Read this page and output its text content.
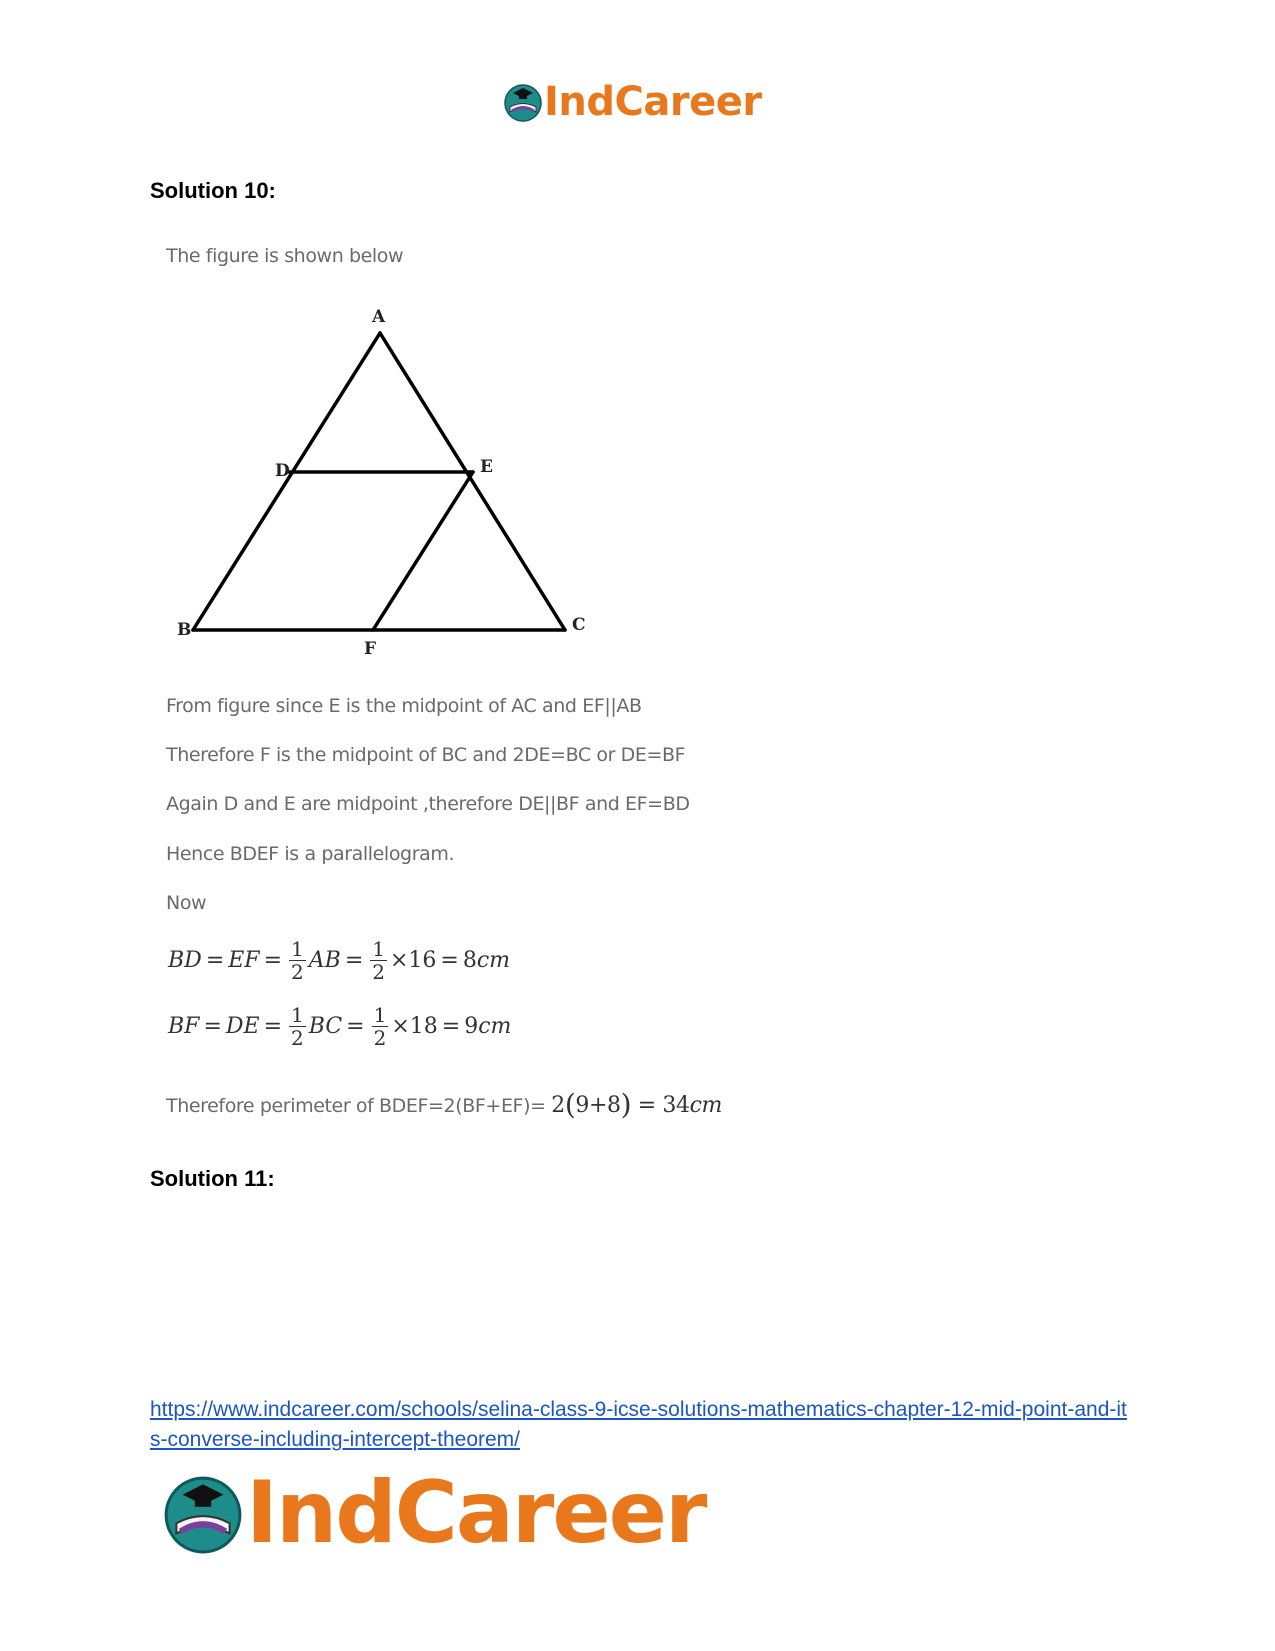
IndCareer
Solution 10:
The figure is shown below
A
D	E
B	C
F
From figure since E is the midpoint of AC and EF||AB
Therefore F is the midpoint of BC and 2DE=BC or DE=BF
Again D and E are midpoint ,therefore DE||BF and EF=BD
Hence BDEF is a parallelogram.
Now
BD = EF = $\frac{1}{2}$ AB = $\frac{1}{2} \times 16 = 8$ cm
BF = DE = $\frac{1}{2}$ BC = $\frac{1}{2} \times 18 = 9$ cm
Therefore perimeter of BDEF=2(BF+EF)= 2(9+8) = 34cm
Solution 11:
https://www.indcareer.com/schools/selina-class-9-icse-solutions-mathematics-chapter-12-mid-point-and-its-converse-including-intercept-theorem/
IndCareer
